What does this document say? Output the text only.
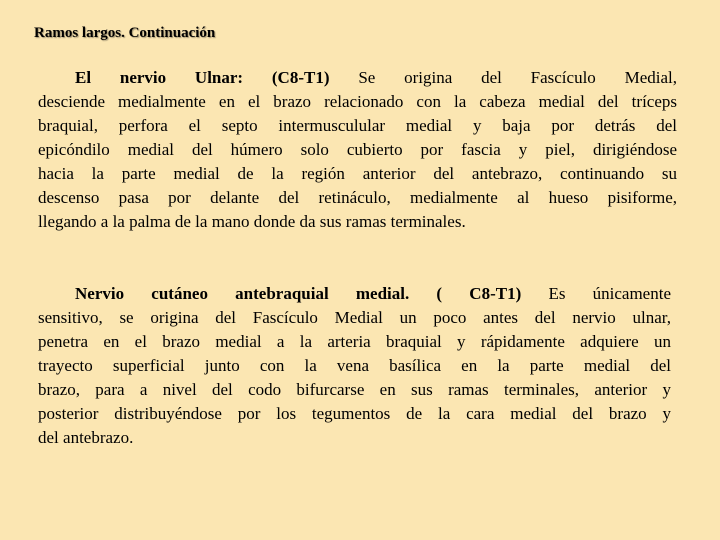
Ramos largos. Continuación
El nervio Ulnar: (C8-T1) Se origina del Fascículo Medial,
desciende medialmente en el brazo relacionado con la cabeza medial del tríceps
braquial, perfora el septo intermusculular medial y baja por detrás del
epicóndilo medial del húmero solo cubierto por fascia y piel, dirigiéndose
hacia la parte medial de la región anterior del antebrazo, continuando su
descenso pasa por delante del retináculo, medialmente al hueso pisiforme,
llegando a la palma de la mano donde da sus ramas terminales.
Nervio cutáneo antebraquial medial. ( C8-T1) Es únicamente
sensitivo, se origina del Fascículo Medial un poco antes del nervio ulnar,
penetra en el brazo medial a la arteria braquial y rápidamente adquiere un
trayecto superficial junto con la vena basílica en la parte medial del
brazo, para a nivel del codo bifurcarse en sus ramas terminales, anterior y
posterior distribuyéndose por los tegumentos de la cara medial del brazo y
del antebrazo.
